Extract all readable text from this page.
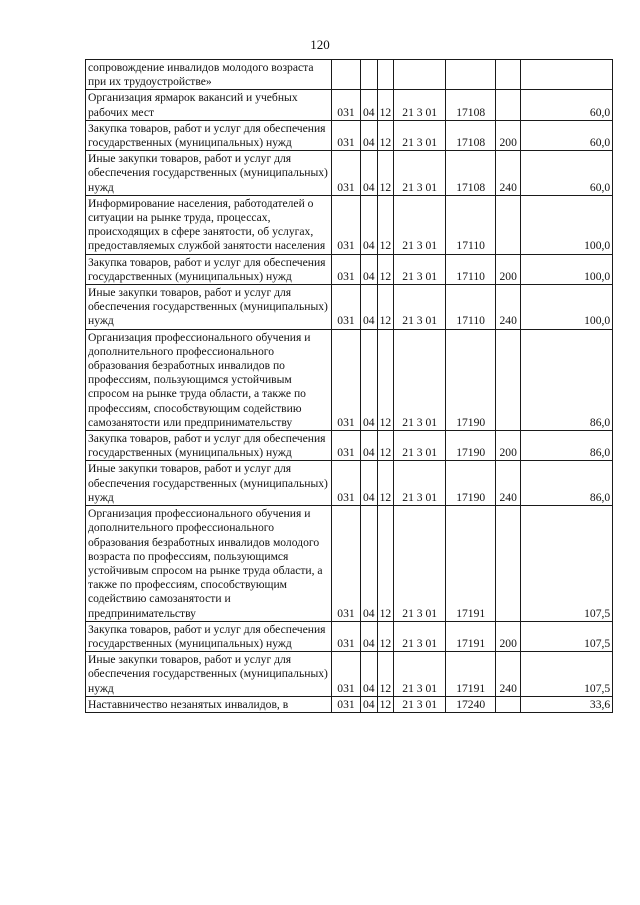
120
сопровождение инвалидов молодого возраста при их трудоустройстве»							
Организация ярмарок вакансий и учебных рабочих мест	031	04	12	21 3 01	17108		60,0
Закупка товаров, работ и услуг для обеспечения государственных (муниципальных) нужд	031	04	12	21 3 01	17108	200	60,0
Иные закупки товаров, работ и услуг для обеспечения государственных (муниципальных) нужд	031	04	12	21 3 01	17108	240	60,0
Информирование населения, работодателей о ситуации на рынке труда, процессах, происходящих в сфере занятости, об услугах, предоставляемых службой занятости населения	031	04	12	21 3 01	17110		100,0
Закупка товаров, работ и услуг для обеспечения государственных (муниципальных) нужд	031	04	12	21 3 01	17110	200	100,0
Иные закупки товаров, работ и услуг для обеспечения государственных (муниципальных) нужд	031	04	12	21 3 01	17110	240	100,0
Организация профессионального обучения и дополнительного профессионального образования безработных инвалидов по профессиям, пользующимся устойчивым спросом на рынке труда области, а также по профессиям, способствующим содействию самозанятости или предпринимательству	031	04	12	21 3 01	17190		86,0
Закупка товаров, работ и услуг для обеспечения государственных (муниципальных) нужд	031	04	12	21 3 01	17190	200	86,0
Иные закупки товаров, работ и услуг для обеспечения государственных (муниципальных) нужд	031	04	12	21 3 01	17190	240	86,0
Организация профессионального обучения и дополнительного профессионального образования безработных инвалидов молодого возраста по профессиям, пользующимся устойчивым спросом на рынке труда области, а также по профессиям, способствующим содействию самозанятости и предпринимательству	031	04	12	21 3 01	17191		107,5
Закупка товаров, работ и услуг для обеспечения государственных (муниципальных) нужд	031	04	12	21 3 01	17191	200	107,5
Иные закупки товаров, работ и услуг для обеспечения государственных (муниципальных) нужд	031	04	12	21 3 01	17191	240	107,5
Наставничество незанятых инвалидов, в	031	04	12	21 3 01	17240		33,6
